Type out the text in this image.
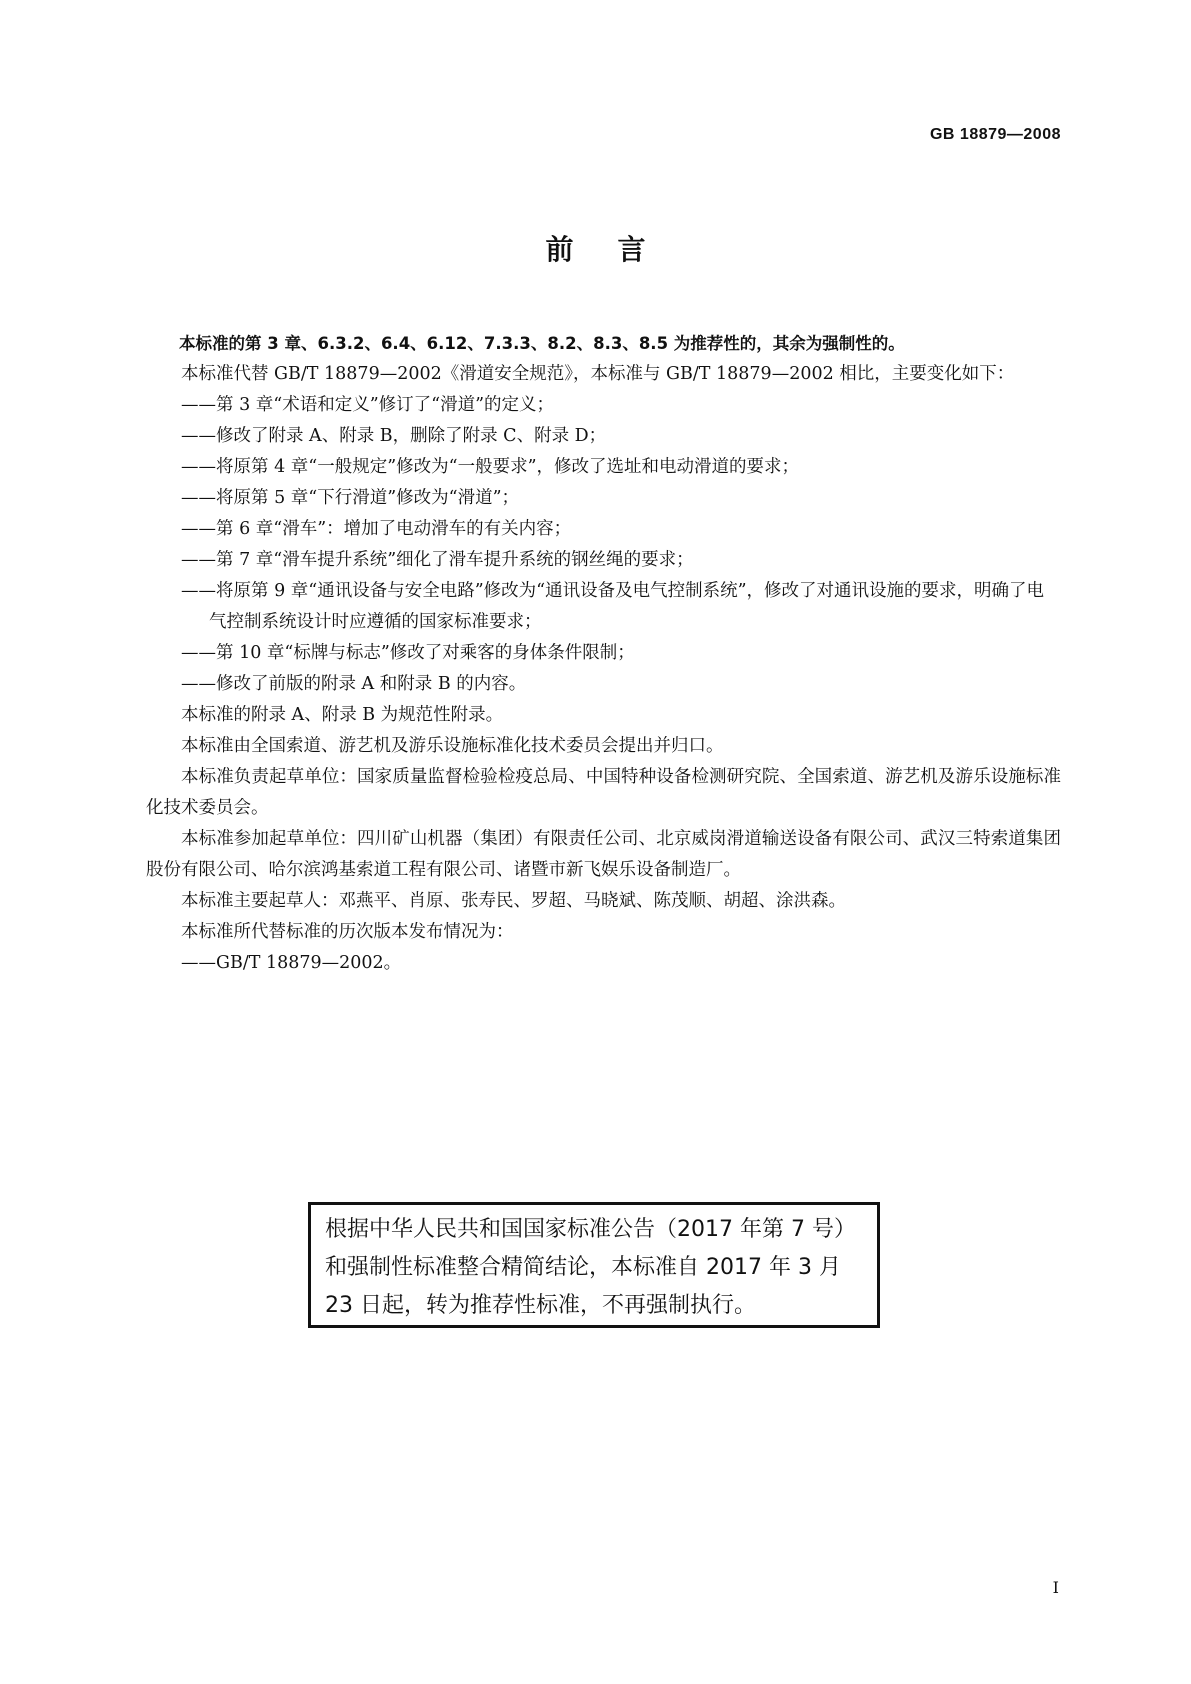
GB 18879—2008
前言

本标准的第 3 章、6.3.2、6.4、6.12、7.3.3、8.2、8.3、8.5 为推荐性的，其余为强制性的。

本标准代替 GB/T 18879—2002《滑道安全规范》，本标准与 GB/T 18879—2002 相比，主要变化如下：

——第 3 章“术语和定义”修订了“滑道”的定义；

——修改了附录 A、附录 B，删除了附录 C、附录 D；

——将原第 4 章“一般规定”修改为“一般要求”，修改了选址和电动滑道的要求；

——将原第 5 章“下行滑道”修改为“滑道”；

——第 6 章“滑车”：增加了电动滑车的有关内容；

——第 7 章“滑车提升系统”细化了滑车提升系统的钢丝绳的要求；

——将原第 9 章“通讯设备与安全电路”修改为“通讯设备及电气控制系统”，修改了对通讯设施的要求，明确了电气控制系统设计时应遵循的国家标准要求；

——第 10 章“标牌与标志”修改了对乘客的身体条件限制；

——修改了前版的附录 A 和附录 B 的内容。

本标准的附录 A、附录 B 为规范性附录。

本标准由全国索道、游艺机及游乐设施标准化技术委员会提出并归口。

本标准负责起草单位：国家质量监督检验检疫总局、中国特种设备检测研究院、全国索道、游艺机及游乐设施标准化技术委员会。

本标准参加起草单位：四川矿山机器（集团）有限责任公司、北京威岗滑道输送设备有限公司、武汉三特索道集团股份有限公司、哈尔滨鸿基索道工程有限公司、诸暨市新飞娱乐设备制造厂。

本标准主要起草人：邓燕平、肖原、张寿民、罗超、马晓斌、陈茂顺、胡超、涂洪森。

本标准所代替标准的历次版本发布情况为：

——GB/T 18879—2002。

根据中华人民共和国国家标准公告（2017 年第 7 号）和强制性标准整合精简结论，本标准自 2017 年 3 月 23 日起，转为推荐性标准，不再强制执行。
I
